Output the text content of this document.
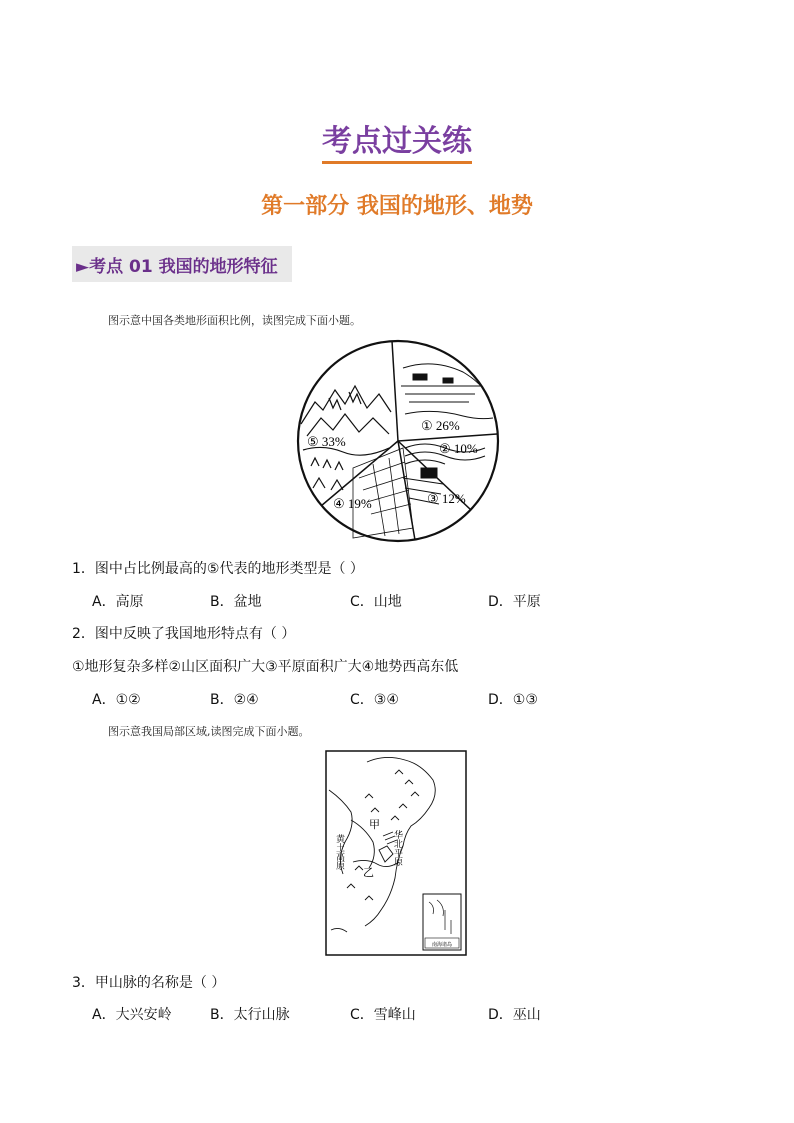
考点过关练
第一部分 我国的地形、地势
►考点 01 我国的地形特征
图示意中国各类地形面积比例，读图完成下面小题。
① 26%
② 10%
③ 12%
④ 19%
⑤ 33%
1．图中占比例最高的⑤代表的地形类型是（ ）
A．高原	B．盆地	C．山地	D．平原
2．图中反映了我国地形特点有（ ）
①地形复杂多样②山区面积广大③平原面积广大④地势西高东低
A．①②	B．②④	C．③④	D．①③
图示意我国局部区域,读图完成下面小题。
南海诸岛
甲
乙
黄土高原	华北平原
3．甲山脉的名称是（ ）
A．大兴安岭	B．太行山脉	C．雪峰山	D．巫山
